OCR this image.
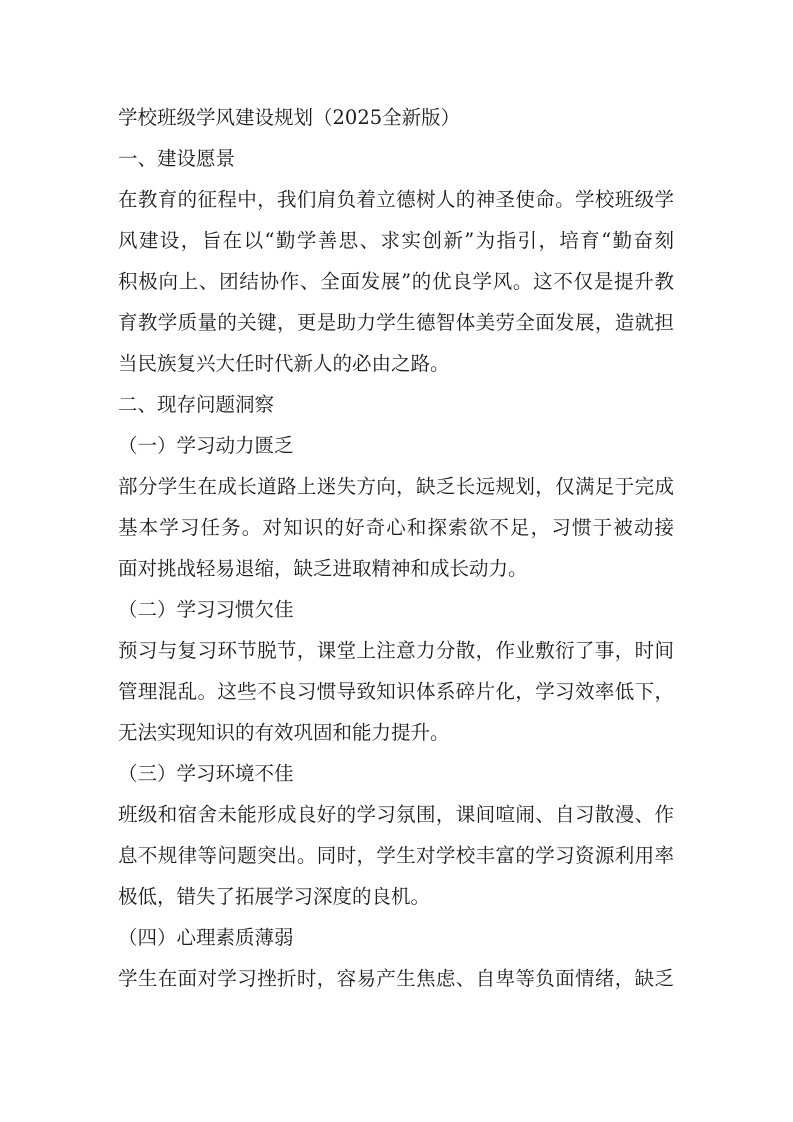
学校班级学风建设规划（2025全新版）
一、建设愿景
在教育的征程中，我们肩负着立德树人的神圣使命。学校班级学
风建设，旨在以“勤学善思、求实创新”为指引，培育“勤奋刻
积极向上、团结协作、全面发展”的优良学风。这不仅是提升教
育教学质量的关键，更是助力学生德智体美劳全面发展，造就担
当民族复兴大任时代新人的必由之路。
二、现存问题洞察
（一）学习动力匮乏
部分学生在成长道路上迷失方向，缺乏长远规划，仅满足于完成
基本学习任务。对知识的好奇心和探索欲不足，习惯于被动接
面对挑战轻易退缩，缺乏进取精神和成长动力。
（二）学习习惯欠佳
预习与复习环节脱节，课堂上注意力分散，作业敷衍了事，时间
管理混乱。这些不良习惯导致知识体系碎片化，学习效率低下，
无法实现知识的有效巩固和能力提升。
（三）学习环境不佳
班级和宿舍未能形成良好的学习氛围，课间喧闹、自习散漫、作
息不规律等问题突出。同时，学生对学校丰富的学习资源利用率
极低，错失了拓展学习深度的良机。
（四）心理素质薄弱
学生在面对学习挫折时，容易产生焦虑、自卑等负面情绪，缺乏
